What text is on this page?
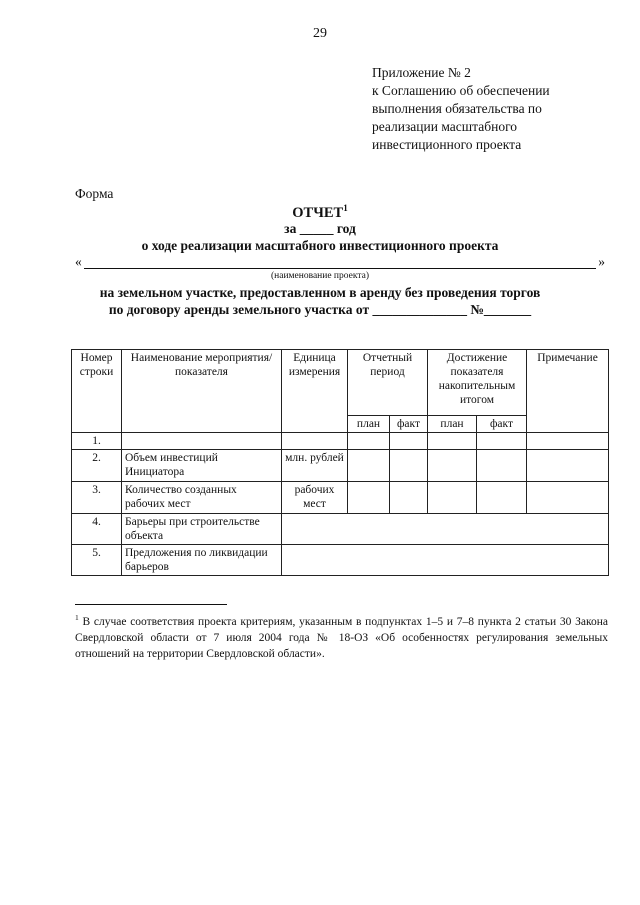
29
Приложение № 2
к Соглашению об обеспечении
выполнения обязательства по
реализации масштабного
инвестиционного проекта
Форма
ОТЧЕТ$^1$
за _____ год
о ходе реализации масштабного инвестиционного проекта
«	»
(наименование проекта)
на земельном участке, предоставленном в аренду без проведения торгов
по договору аренды земельного участка от ______________ №_______
Номер строки	Наименование мероприятия/ показателя	Единица измерения	Отчетный период		Достижение показателя накопительным итогом		Примечание
			план	факт	план	факт	
1.							
2.	Объем инвестиций Инициатора	млн. рублей					
3.	Количество созданных рабочих мест	рабочих мест					
4.	Барьеры при строительстве объекта						
5.	Предложения по ликвидации барьеров						
$^1$ В случае соответствия проекта критериям, указанным в подпунктах 1–5 и 7–8 пункта 2 статьи 30 Закона Свердловской области от 7 июля 2004 года № 18-ОЗ «Об особенностях регулирования земельных отношений на территории Свердловской области».
